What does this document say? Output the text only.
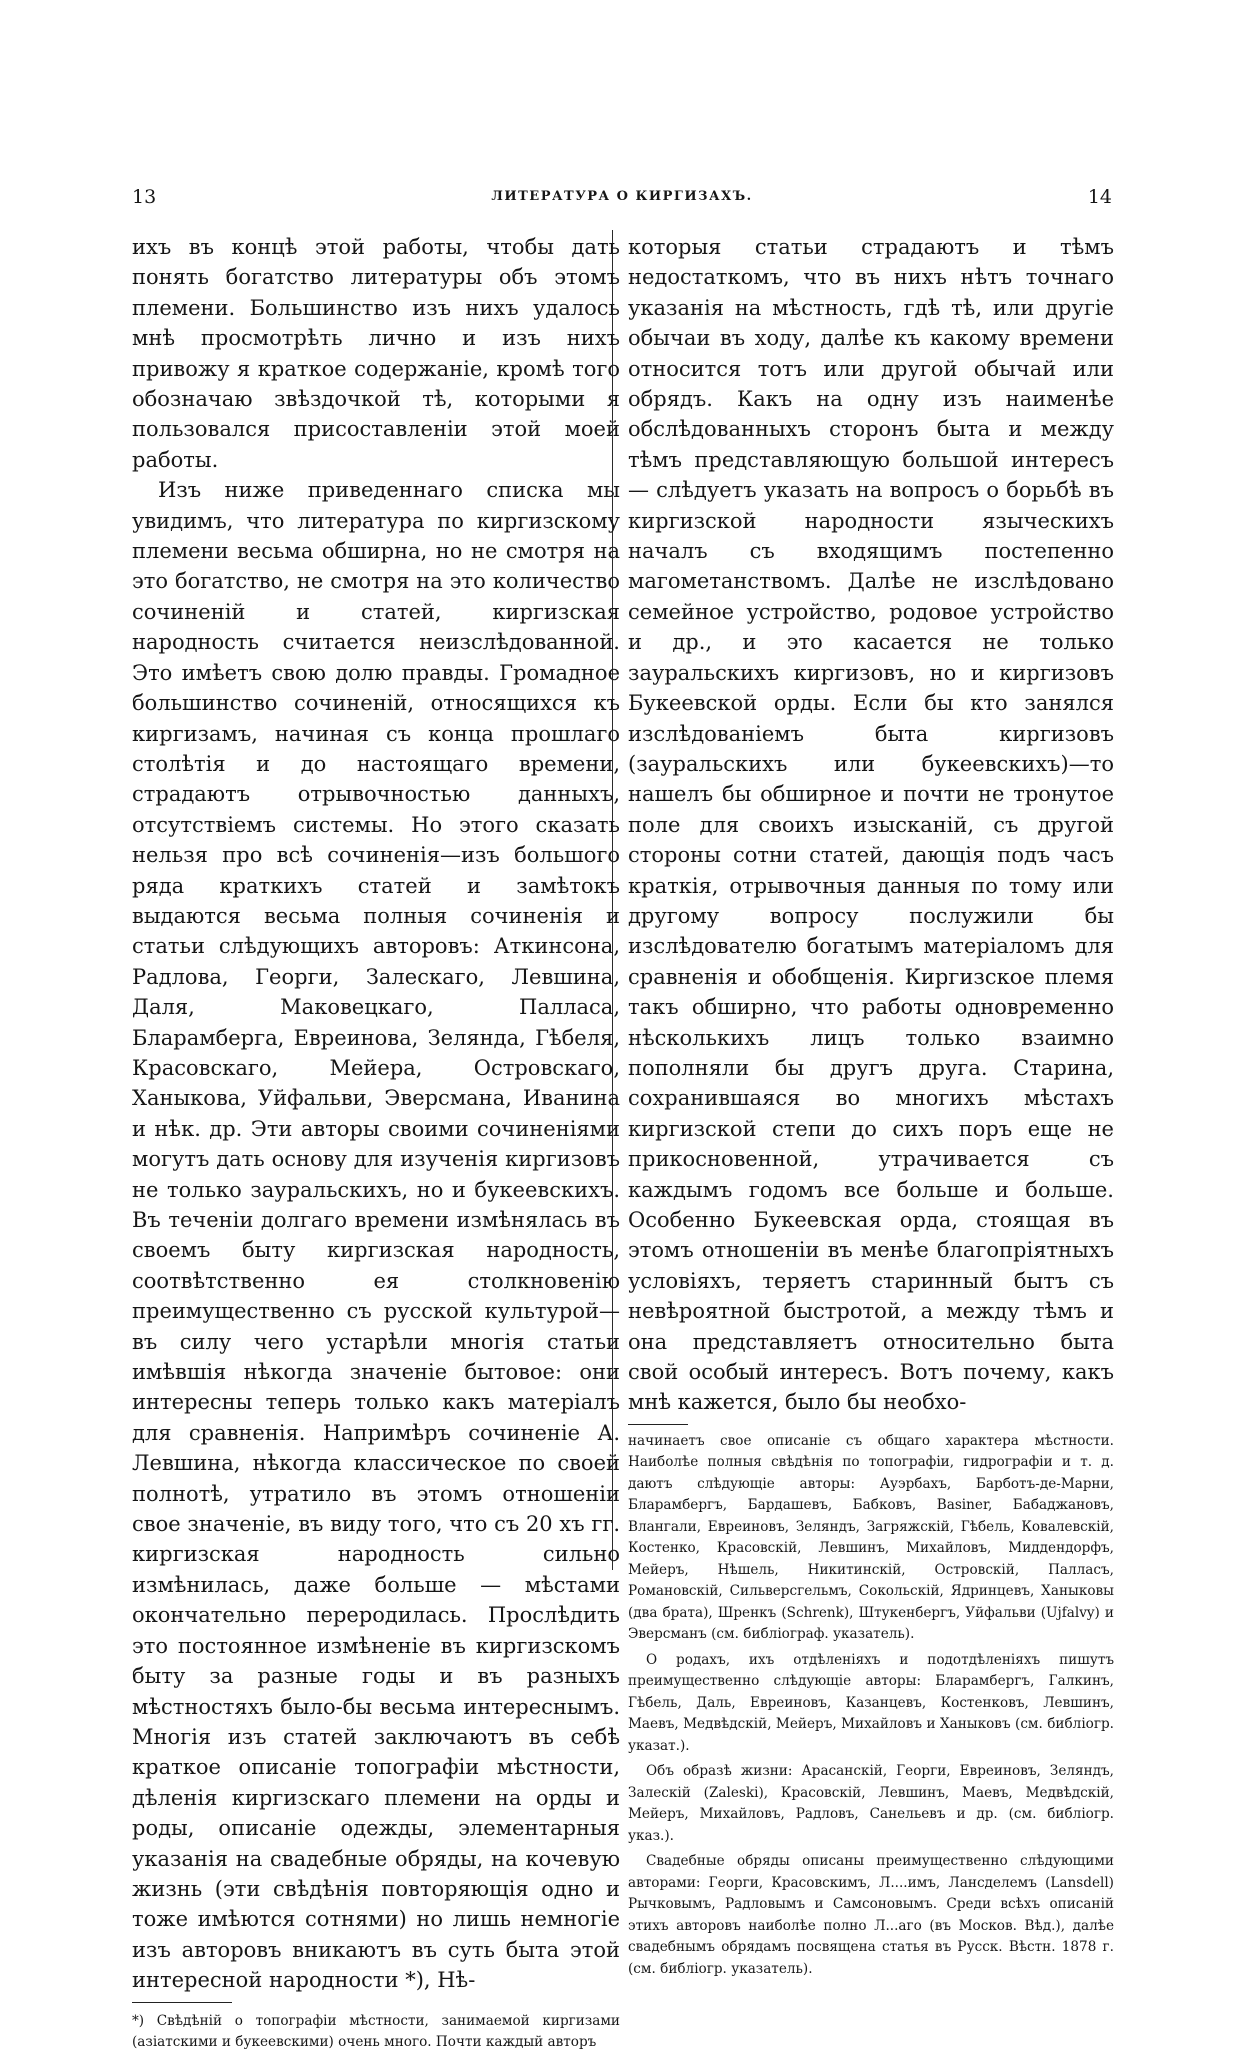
13	ЛИТЕРАТУРА О КИРГИЗАХЪ.	14

ихъ въ концѣ этой работы, чтобы дать понять богатство литературы объ этомъ племени. Большинство изъ нихъ удалось мнѣ просмотрѣть лично и изъ нихъ привожу я краткое содержаніе, кромѣ того обозначаю звѣздочкой тѣ, которыми я пользовался присоставленіи этой моей работы.

Изъ ниже приведеннаго списка мы увидимъ, что литература по киргизскому племени весьма обширна, но не смотря на это богатство, не смотря на это количество сочиненій и статей, киргизская народность считается неизслѣдованной. Это имѣетъ свою долю правды. Громадное большинство сочиненій, относящихся къ киргизамъ, начиная съ конца прошлаго столѣтія и до настоящаго времени, страдаютъ отрывочностью данныхъ, отсутствіемъ системы. Но этого сказать нельзя про всѣ сочиненія—изъ большого ряда краткихъ статей и замѣтокъ выдаются весьма полныя сочиненія и статьи слѣдующихъ авторовъ: Аткинсона, Радлова, Георги, Залескаго, Левшина, Даля, Маковецкаго, Палласа, Бларамберга, Евреинова, Зелянда, Гѣбеля, Красовскаго, Мейера, Островскаго, Ханыкова, Уйфальви, Эверсмана, Иванина и нѣк. др. Эти авторы своими сочиненіями могутъ дать основу для изученія киргизовъ не только зауральскихъ, но и букеевскихъ. Въ теченіи долгаго времени измѣнялась въ своемъ быту киргизская народность, соотвѣтственно ея столкновенію преимущественно съ русской культурой—въ силу чего устарѣли многія статьи имѣвшія нѣкогда значеніе бытовое: они интересны теперь только какъ матеріалъ для сравненія. Напримѣръ сочиненіе А. Левшина, нѣкогда классическое по своей полнотѣ, утратило въ этомъ отношеніи свое значеніе, въ виду того, что съ 20 хъ гг. киргизская народность сильно измѣнилась, даже больше — мѣстами окончательно переродилась. Прослѣдить это постоянное измѣненіе въ киргизскомъ быту за разные годы и въ разныхъ мѣстностяхъ было-бы весьма интереснымъ. Многія изъ статей заключаютъ въ себѣ краткое описаніе топографіи мѣстности, дѣленія киргизскаго племени на орды и роды, описаніе одежды, элементарныя указанія на свадебные обряды, на кочевую жизнь (эти свѣдѣнія повторяющія одно и тоже имѣются сотнями) но лишь немногіе изъ авторовъ вникаютъ въ суть быта этой интересной народности *), Нѣ-

*) Свѣдѣній о топографіи мѣстности, занимаемой киргизами (азіатскими и букеевскими) очень много. Почти каждый авторъ

которыя статьи страдаютъ и тѣмъ недостаткомъ, что въ нихъ нѣтъ точнаго указанія на мѣстность, гдѣ тѣ, или другіе обычаи въ ходу, далѣе къ какому времени относится тотъ или другой обычай или обрядъ. Какъ на одну изъ наименѣе обслѣдованныхъ сторонъ быта и между тѣмъ представляющую большой интересъ — слѣдуетъ указать на вопросъ о борьбѣ въ киргизской народности языческихъ началъ съ входящимъ постепенно магометанствомъ. Далѣе не изслѣдовано семейное устройство, родовое устройство и др., и это касается не только зауральскихъ киргизовъ, но и киргизовъ Букеевской орды. Если бы кто занялся изслѣдованіемъ быта киргизовъ (зауральскихъ или букеевскихъ)—то нашелъ бы обширное и почти не тронутое поле для своихъ изысканій, съ другой стороны сотни статей, дающія подъ часъ краткія, отрывочныя данныя по тому или другому вопросу послужили бы изслѣдователю богатымъ матеріаломъ для сравненія и обобщенія. Киргизское племя такъ обширно, что работы одновременно нѣсколькихъ лицъ только взаимно пополняли бы другъ друга. Старина, сохранившаяся во многихъ мѣстахъ киргизской степи до сихъ поръ еще не прикосновенной, утрачивается съ каждымъ годомъ все больше и больше. Особенно Букеевская орда, стоящая въ этомъ отношеніи въ менѣе благопріятныхъ условіяхъ, теряетъ старинный бытъ съ невѣроятной быстротой, а между тѣмъ и она представляетъ относительно быта свой особый интересъ. Вотъ почему, какъ мнѣ кажется, было бы необхо-

начинаетъ свое описаніе съ общаго характера мѣстности. Наиболѣе полныя свѣдѣнія по топографіи, гидрографіи и т. д. даютъ слѣдующіе авторы: Ауэрбахъ, Барботъ-де-Марни, Бларамбергъ, Бардашевъ, Бабковъ, Basiner, Бабаджановъ, Влангали, Евреиновъ, Зеляндъ, Загряжскій, Гѣбель, Ковалевскій, Костенко, Красовскій, Левшинъ, Михайловъ, Миддендорфъ, Мейеръ, Нѣшель, Никитинскій, Островскій, Палласъ, Романовскій, Сильверсгельмъ, Сокольскій, Ядринцевъ, Ханыковы (два брата), Шренкъ (Schrenk), Штукенбергъ, Уйфальви (Ujfalvy) и Эверсманъ (см. библіограф. указатель).

О родахъ, ихъ отдѣленіяхъ и подотдѣленіяхъ пишутъ преимущественно слѣдующіе авторы: Бларамбергъ, Галкинъ, Гѣбель, Даль, Евреиновъ, Казанцевъ, Костенковъ, Левшинъ, Маевъ, Медвѣдскій, Мейеръ, Михайловъ и Ханыковъ (см. библіогр. указат.).

Объ образѣ жизни: Арасанскій, Георги, Евреиновъ, Зеляндъ, Залескій (Zaleski), Красовскій, Левшинъ, Маевъ, Медвѣдскій, Мейеръ, Михайловъ, Радловъ, Санельевъ и др. (см. библіогр. указ.).

Свадебные обряды описаны преимущественно слѣдующими авторами: Георги, Красовскимъ, Л....имъ, Лансделемъ (Lansdell) Рычковымъ, Радловымъ и Самсоновымъ. Среди всѣхъ описаній этихъ авторовъ наиболѣе полно Л...аго (въ Москов. Вѣд.), далѣе свадебнымъ обрядамъ посвящена статья въ Русск. Вѣстн. 1878 г. (см. библіогр. указатель).
